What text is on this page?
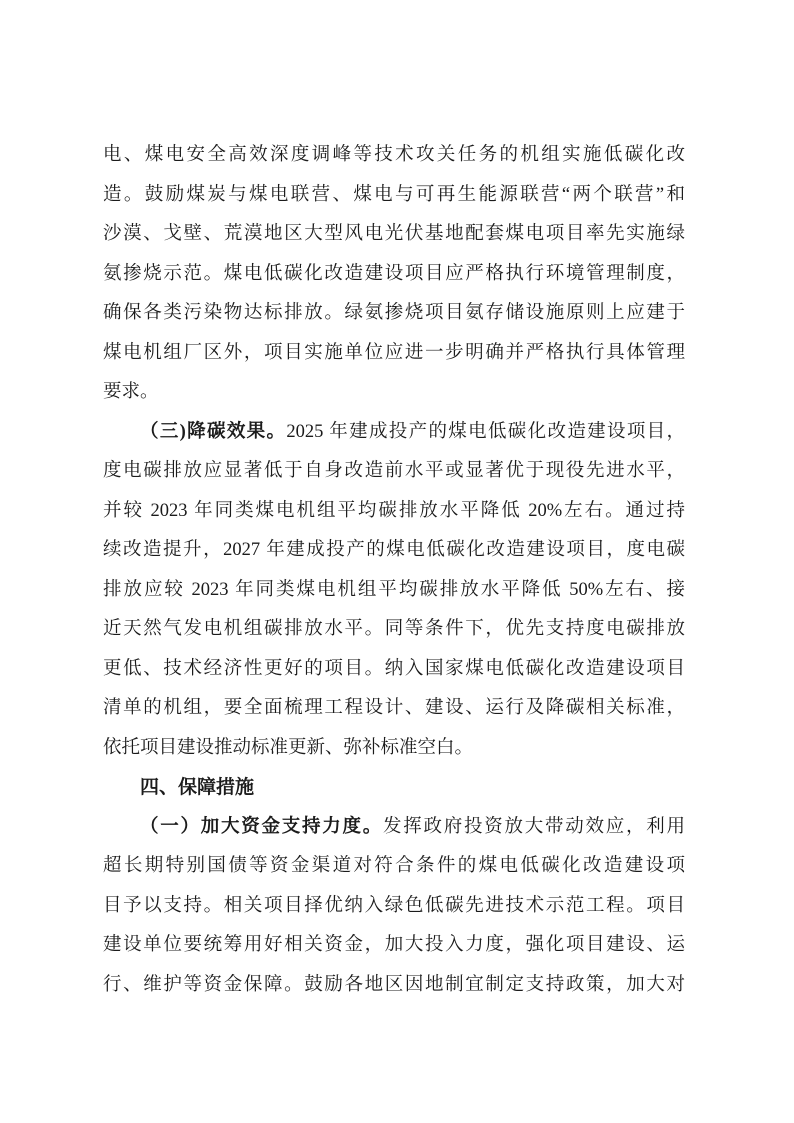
电、煤电安全高效深度调峰等技术攻关任务的机组实施低碳化改
造。鼓励煤炭与煤电联营、煤电与可再生能源联营“两个联营”和
沙漠、戈壁、荒漠地区大型风电光伏基地配套煤电项目率先实施绿
氨掺烧示范。煤电低碳化改造建设项目应严格执行环境管理制度，
确保各类污染物达标排放。绿氨掺烧项目氨存储设施原则上应建于
煤电机组厂区外，项目实施单位应进一步明确并严格执行具体管理
要求。
（三)降碳效果。2025 年建成投产的煤电低碳化改造建设项目，
度电碳排放应显著低于自身改造前水平或显著优于现役先进水平，
并较 2023 年同类煤电机组平均碳排放水平降低 20%左右。通过持
续改造提升，2027 年建成投产的煤电低碳化改造建设项目，度电碳
排放应较 2023 年同类煤电机组平均碳排放水平降低 50%左右、接
近天然气发电机组碳排放水平。同等条件下，优先支持度电碳排放
更低、技术经济性更好的项目。纳入国家煤电低碳化改造建设项目
清单的机组，要全面梳理工程设计、建设、运行及降碳相关标准，
依托项目建设推动标准更新、弥补标准空白。
四、保障措施
（一）加大资金支持力度。发挥政府投资放大带动效应，利用
超长期特别国债等资金渠道对符合条件的煤电低碳化改造建设项
目予以支持。相关项目择优纳入绿色低碳先进技术示范工程。项目
建设单位要统筹用好相关资金，加大投入力度，强化项目建设、运
行、维护等资金保障。鼓励各地区因地制宜制定支持政策，加大对
